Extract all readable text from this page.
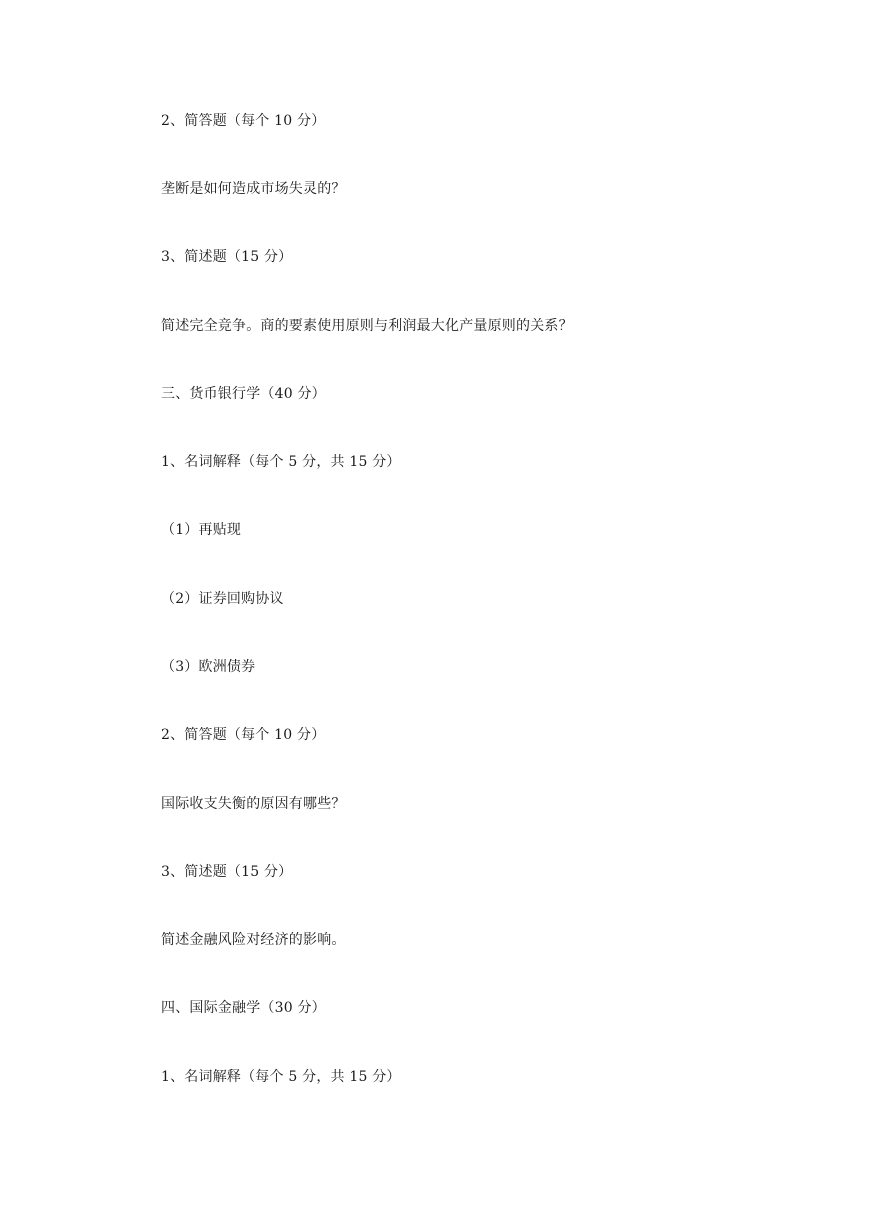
2、简答题（每个 10 分）
垄断是如何造成市场失灵的？
3、简述题（15 分）
简述完全竞争。商的要素使用原则与利润最大化产量原则的关系？
三、货币银行学（40 分）
1、名词解释（每个 5 分，共 15 分）
（1）再贴现
（2）证券回购协议
（3）欧洲债券
2、简答题（每个 10 分）
国际收支失衡的原因有哪些？
3、简述题（15 分）
简述金融风险对经济的影响。
四、国际金融学（30 分）
1、名词解释（每个 5 分，共 15 分）
